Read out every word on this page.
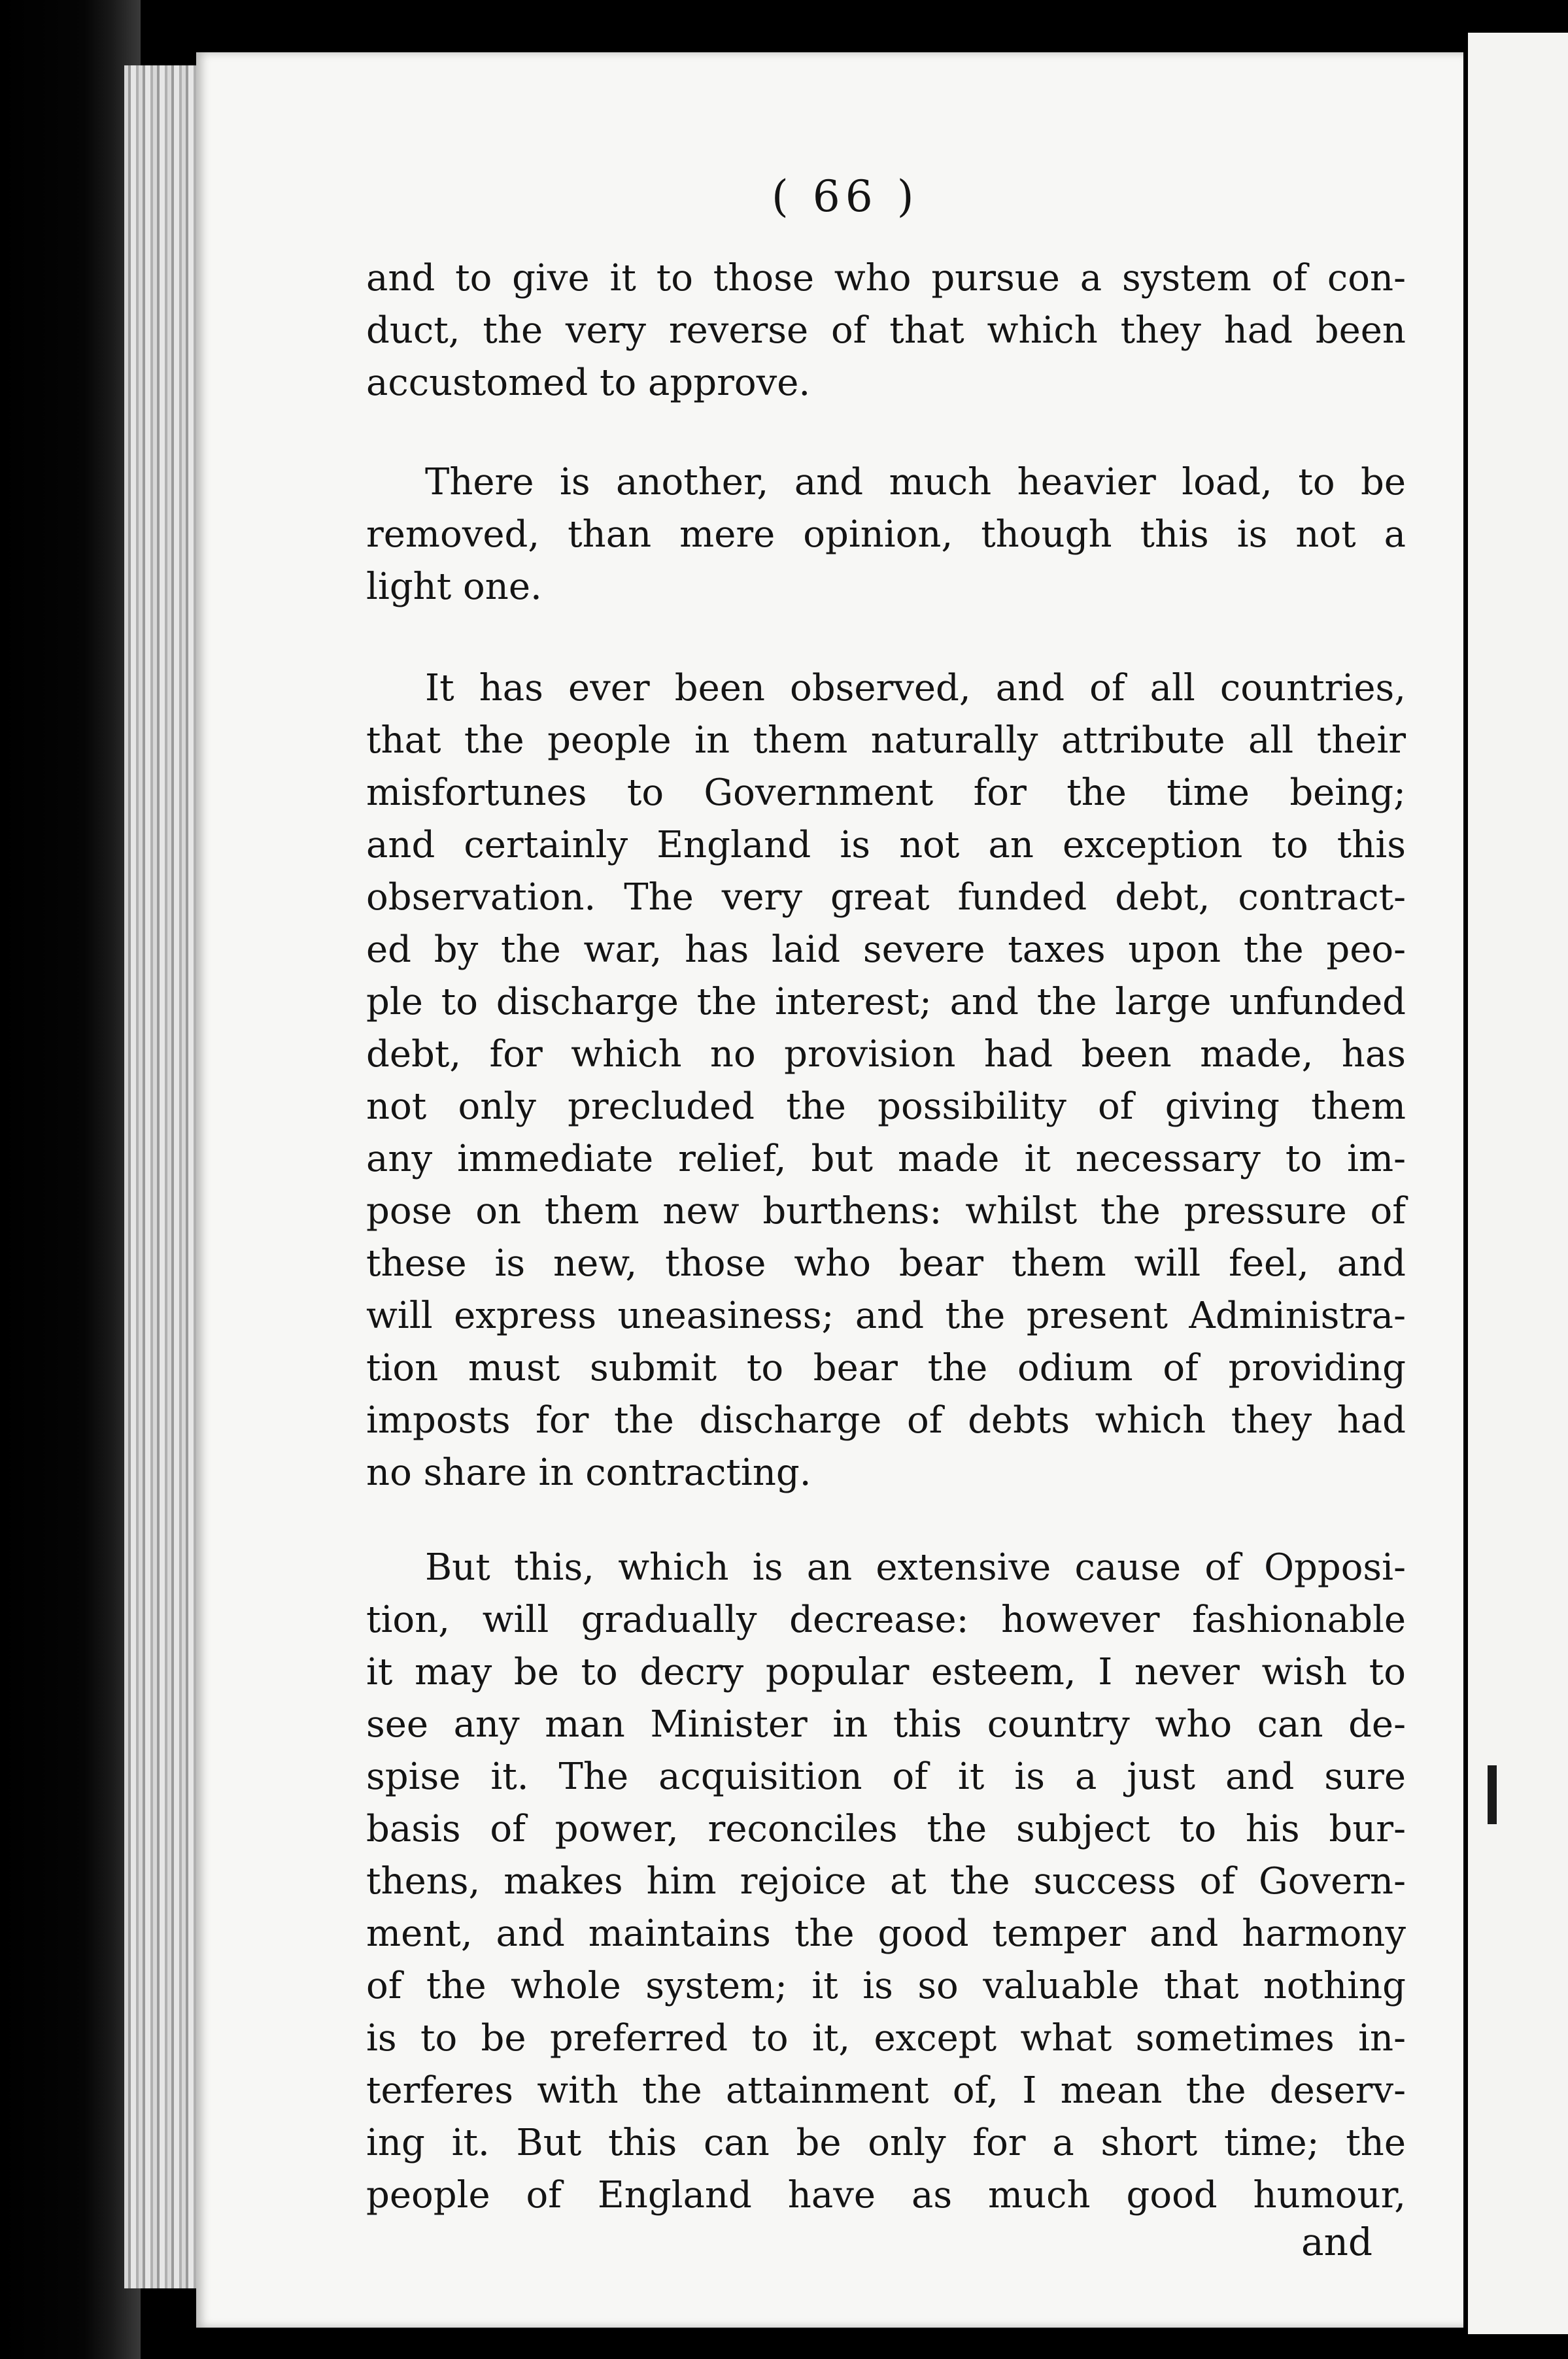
( 66 )
and to give it to those who pursue a system of con-
duct, the very reverse of that which they had been
accustomed to approve.
There is another, and much heavier load, to be
removed, than mere opinion, though this is not a
light one.
It has ever been observed, and of all countries,
that the people in them naturally attribute all their
misfortunes to Government for the time being;
and certainly England is not an exception to this
observation. The very great funded debt, contract-
ed by the war, has laid severe taxes upon the peo-
ple to discharge the interest; and the large unfunded
debt, for which no provision had been made, has
not only precluded the possibility of giving them
any immediate relief, but made it necessary to im-
pose on them new burthens: whilst the pressure of
these is new, those who bear them will feel, and
will express uneasiness; and the present Administra-
tion must submit to bear the odium of providing
imposts for the discharge of debts which they had
no share in contracting.
But this, which is an extensive cause of Opposi-
tion, will gradually decrease: however fashionable
it may be to decry popular esteem, I never wish to
see any man Minister in this country who can de-
spise it. The acquisition of it is a just and sure
basis of power, reconciles the subject to his bur-
thens, makes him rejoice at the success of Govern-
ment, and maintains the good temper and harmony
of the whole system; it is so valuable that nothing
is to be preferred to it, except what sometimes in-
terferes with the attainment of, I mean the deserv-
ing it. But this can be only for a short time; the
people of England have as much good humour,
and
